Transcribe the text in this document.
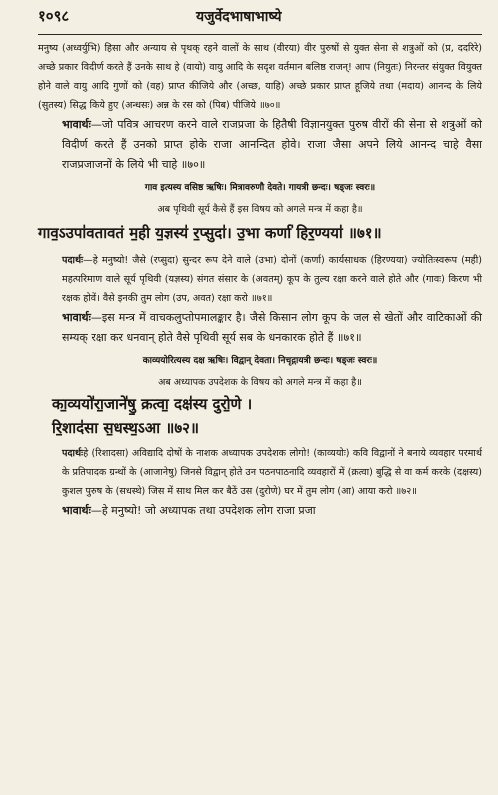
१०९८	यजुर्वेदभाषाभाष्ये

मनुष्य (अध्वर्युभि) हिसा और अन्याय से पृथक् रहने वालों के साथ (वीरया) वीर पुरुषों से युक्त सेना से शत्रुओं को (प्र, ददरिरे) अच्छे प्रकार विदीर्ण करते हैं उनके साथ हे (वायो) वायु आदि के सदृश वर्तमान बलिष्ठ राजन्! आप (नियुतः) निरन्तर संयुक्त वियुक्त होने वाले वायु आदि गुणों को (वह) प्राप्त कीजिये और (अच्छ, याहि) अच्छे प्रकार प्राप्त हूजिये तथा (मदाय) आनन्द के लिये (सुतस्य) सिद्ध किये हुए (अन्धसः) अन्न के रस को (पिब) पीजिये ॥७०॥

भावार्थः—जो पवित्र आचरण करने वाले राजप्रजा के हितैषी विज्ञानयुक्त पुरुष वीरों की सेना से शत्रुओं को विदीर्ण करते हैं उनको प्राप्त होके राजा आनन्दित होवे। राजा जैसा अपने लिये आनन्द चाहे वैसा राजप्रजाजनों के लिये भी चाहे ॥७०॥

गाव इत्यस्य वसिष्ठ ऋषिः। मित्रावरुणौ देवते। गायत्री छन्दः। षड्जः स्वरः॥

अब पृथिवी सूर्य कैसे हैं इस विषय को अगले मन्त्र में कहा है॥

गाव॒ऽउपा॑वतावतं म॒ही य॒ज्ञस्य॑ र॒प्सुदा॑। उ॒भा कर्णा॑ हिर॒ण्यया॑ ॥७१॥

पदार्थः—हे मनुष्यो! जैसे (रप्सुदा) सुन्दर रूप देने वाले (उभा) दोनों (कर्णा) कार्यसाधक (हिरण्यया) ज्योतिःस्वरूप (मही) महत्परिमाण वाले सूर्य पृथिवी (यज्ञस्य) संगत संसार के (अवतम्) कूप के तुल्य रक्षा करने वाले होते और (गावः) किरण भी रक्षक होवें। वैसे इनकी तुम लोग (उप, अवत) रक्षा करो ॥७१॥

भावार्थः—इस मन्त्र में वाचकलुप्तोपमालङ्कार है। जैसे किसान लोग कूप के जल से खेतों और वाटिकाओं की सम्यक् रक्षा कर धनवान् होते वैसे पृथिवी सूर्य सब के धनकारक होते हैं ॥७१॥

काव्ययोरित्यस्य दक्ष ऋषिः। विद्वान् देवता। निचृद्गायत्री छन्दः। षड्जः स्वरः॥

अब अध्यापक उपदेशक के विषय को अगले मन्त्र में कहा है॥

का॒व्ययो॑रा॒जाने॑षु॒ क्रत्वा॒ दक्ष॑स्य दुरो॒णे ।

रि॒शाद॑सा स॒धस्थ॒ऽआ ॥७२॥

पदार्थःहे (रिशादसा) अविद्यादि दोषों के नाशक अध्यापक उपदेशक लोगो! (काव्ययोः) कवि विद्वानों ने बनाये व्यवहार परमार्थ के प्रतिपादक ग्रन्थों के (आजानेषु) जिनसे विद्वान् होते उन पठनपाठनादि व्यवहारों में (क्रत्वा) बुद्धि से वा कर्म करके (दक्षस्य) कुशल पुरुष के (सधस्थे) जिस में साथ मिल कर बैठें उस (दुरोणे) घर में तुम लोग (आ) आया करो ॥७२॥

भावार्थः—हे मनुष्यो! जो अध्यापक तथा उपदेशक लोग राजा प्रजा
